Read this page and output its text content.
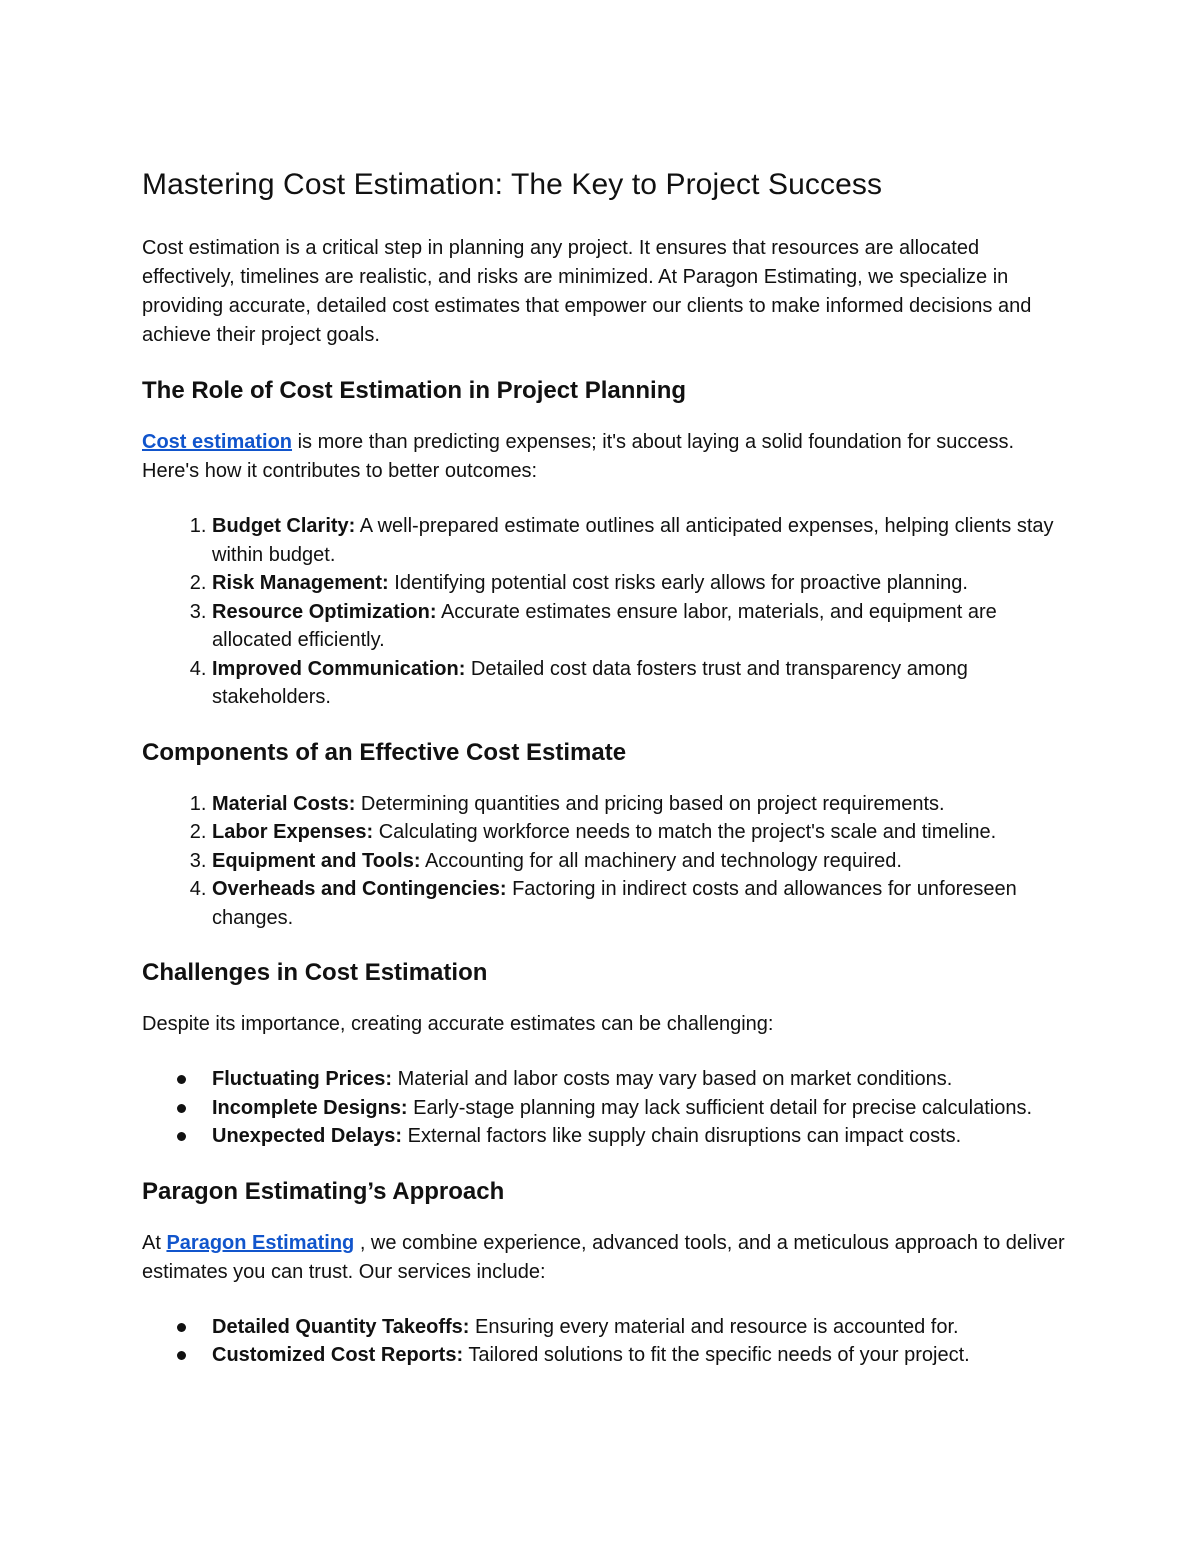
Mastering Cost Estimation: The Key to Project Success

Cost estimation is a critical step in planning any project. It ensures that resources are allocated effectively, timelines are realistic, and risks are minimized. At Paragon Estimating, we specialize in providing accurate, detailed cost estimates that empower our clients to make informed decisions and achieve their project goals.

The Role of Cost Estimation in Project Planning

Cost estimation is more than predicting expenses; it's about laying a solid foundation for success. Here's how it contributes to better outcomes:

1. Budget Clarity: A well-prepared estimate outlines all anticipated expenses, helping clients stay within budget.
2. Risk Management: Identifying potential cost risks early allows for proactive planning.
3. Resource Optimization: Accurate estimates ensure labor, materials, and equipment are allocated efficiently.
4. Improved Communication: Detailed cost data fosters trust and transparency among stakeholders.
Components of an Effective Cost Estimate
1. Material Costs: Determining quantities and pricing based on project requirements.
2. Labor Expenses: Calculating workforce needs to match the project's scale and timeline.
3. Equipment and Tools: Accounting for all machinery and technology required.
4. Overheads and Contingencies: Factoring in indirect costs and allowances for unforeseen changes.
Challenges in Cost Estimation

Despite its importance, creating accurate estimates can be challenging:

Fluctuating Prices: Material and labor costs may vary based on market conditions.
Incomplete Designs: Early-stage planning may lack sufficient detail for precise calculations.
Unexpected Delays: External factors like supply chain disruptions can impact costs.
Paragon Estimating’s Approach

At Paragon Estimating , we combine experience, advanced tools, and a meticulous approach to deliver estimates you can trust. Our services include:

Detailed Quantity Takeoffs: Ensuring every material and resource is accounted for.
Customized Cost Reports: Tailored solutions to fit the specific needs of your project.
